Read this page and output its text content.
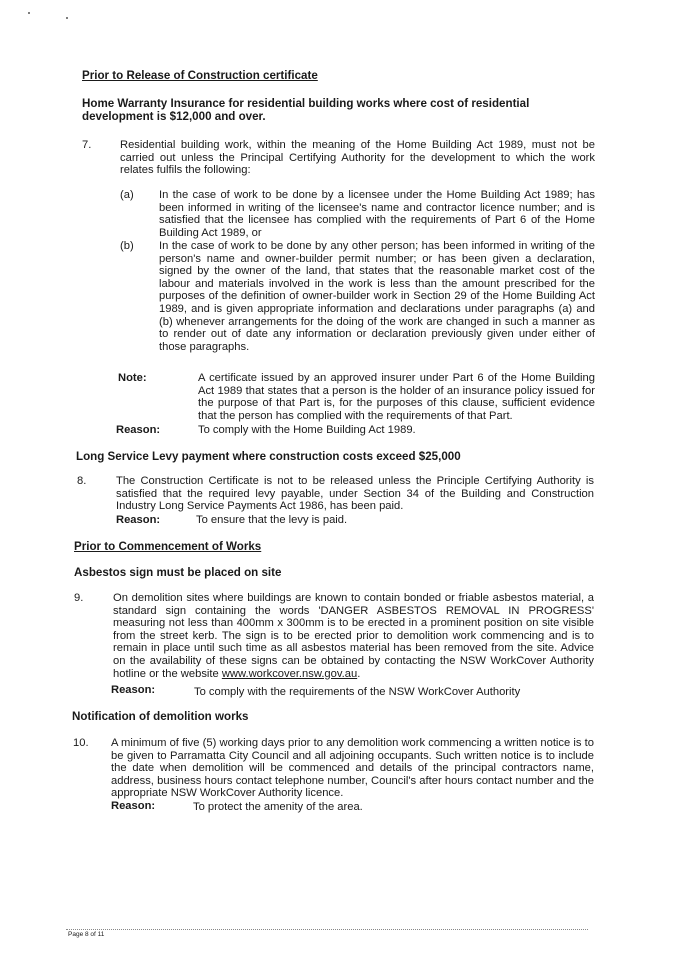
Prior to Release of Construction certificate
Home Warranty Insurance for residential building works where cost of residential development is $12,000 and over.
7.	Residential building work, within the meaning of the Home Building Act 1989, must not be carried out unless the Principal Certifying Authority for the development to which the work relates fulfils the following:
(a) In the case of work to be done by a licensee under the Home Building Act 1989; has been informed in writing of the licensee's name and contractor licence number; and is satisfied that the licensee has complied with the requirements of Part 6 of the Home Building Act 1989, or
(b) In the case of work to be done by any other person; has been informed in writing of the person's name and owner-builder permit number; or has been given a declaration, signed by the owner of the land, that states that the reasonable market cost of the labour and materials involved in the work is less than the amount prescribed for the purposes of the definition of owner-builder work in Section 29 of the Home Building Act 1989, and is given appropriate information and declarations under paragraphs (a) and (b) whenever arrangements for the doing of the work are changed in such a manner as to render out of date any information or declaration previously given under either of those paragraphs.
Note:	A certificate issued by an approved insurer under Part 6 of the Home Building Act 1989 that states that a person is the holder of an insurance policy issued for the purpose of that Part is, for the purposes of this clause, sufficient evidence that the person has complied with the requirements of that Part.
Reason:	To comply with the Home Building Act 1989.
Long Service Levy payment where construction costs exceed $25,000
8.	The Construction Certificate is not to be released unless the Principle Certifying Authority is satisfied that the required levy payable, under Section 34 of the Building and Construction Industry Long Service Payments Act 1986, has been paid.
Reason:	To ensure that the levy is paid.
Prior to Commencement of Works
Asbestos sign must be placed on site
9.	On demolition sites where buildings are known to contain bonded or friable asbestos material, a standard sign containing the words 'DANGER ASBESTOS REMOVAL IN PROGRESS' measuring not less than 400mm x 300mm is to be erected in a prominent position on site visible from the street kerb. The sign is to be erected prior to demolition work commencing and is to remain in place until such time as all asbestos material has been removed from the site. Advice on the availability of these signs can be obtained by contacting the NSW WorkCover Authority hotline or the website www.workcover.nsw.gov.au.
Reason:	To comply with the requirements of the NSW WorkCover Authority
Notification of demolition works
10. A minimum of five (5) working days prior to any demolition work commencing a written notice is to be given to Parramatta City Council and all adjoining occupants. Such written notice is to include the date when demolition will be commenced and details of the principal contractors name, address, business hours contact telephone number, Council's after hours contact number and the appropriate NSW WorkCover Authority licence.
Reason:	To protect the amenity of the area.
Page 8 of 11
